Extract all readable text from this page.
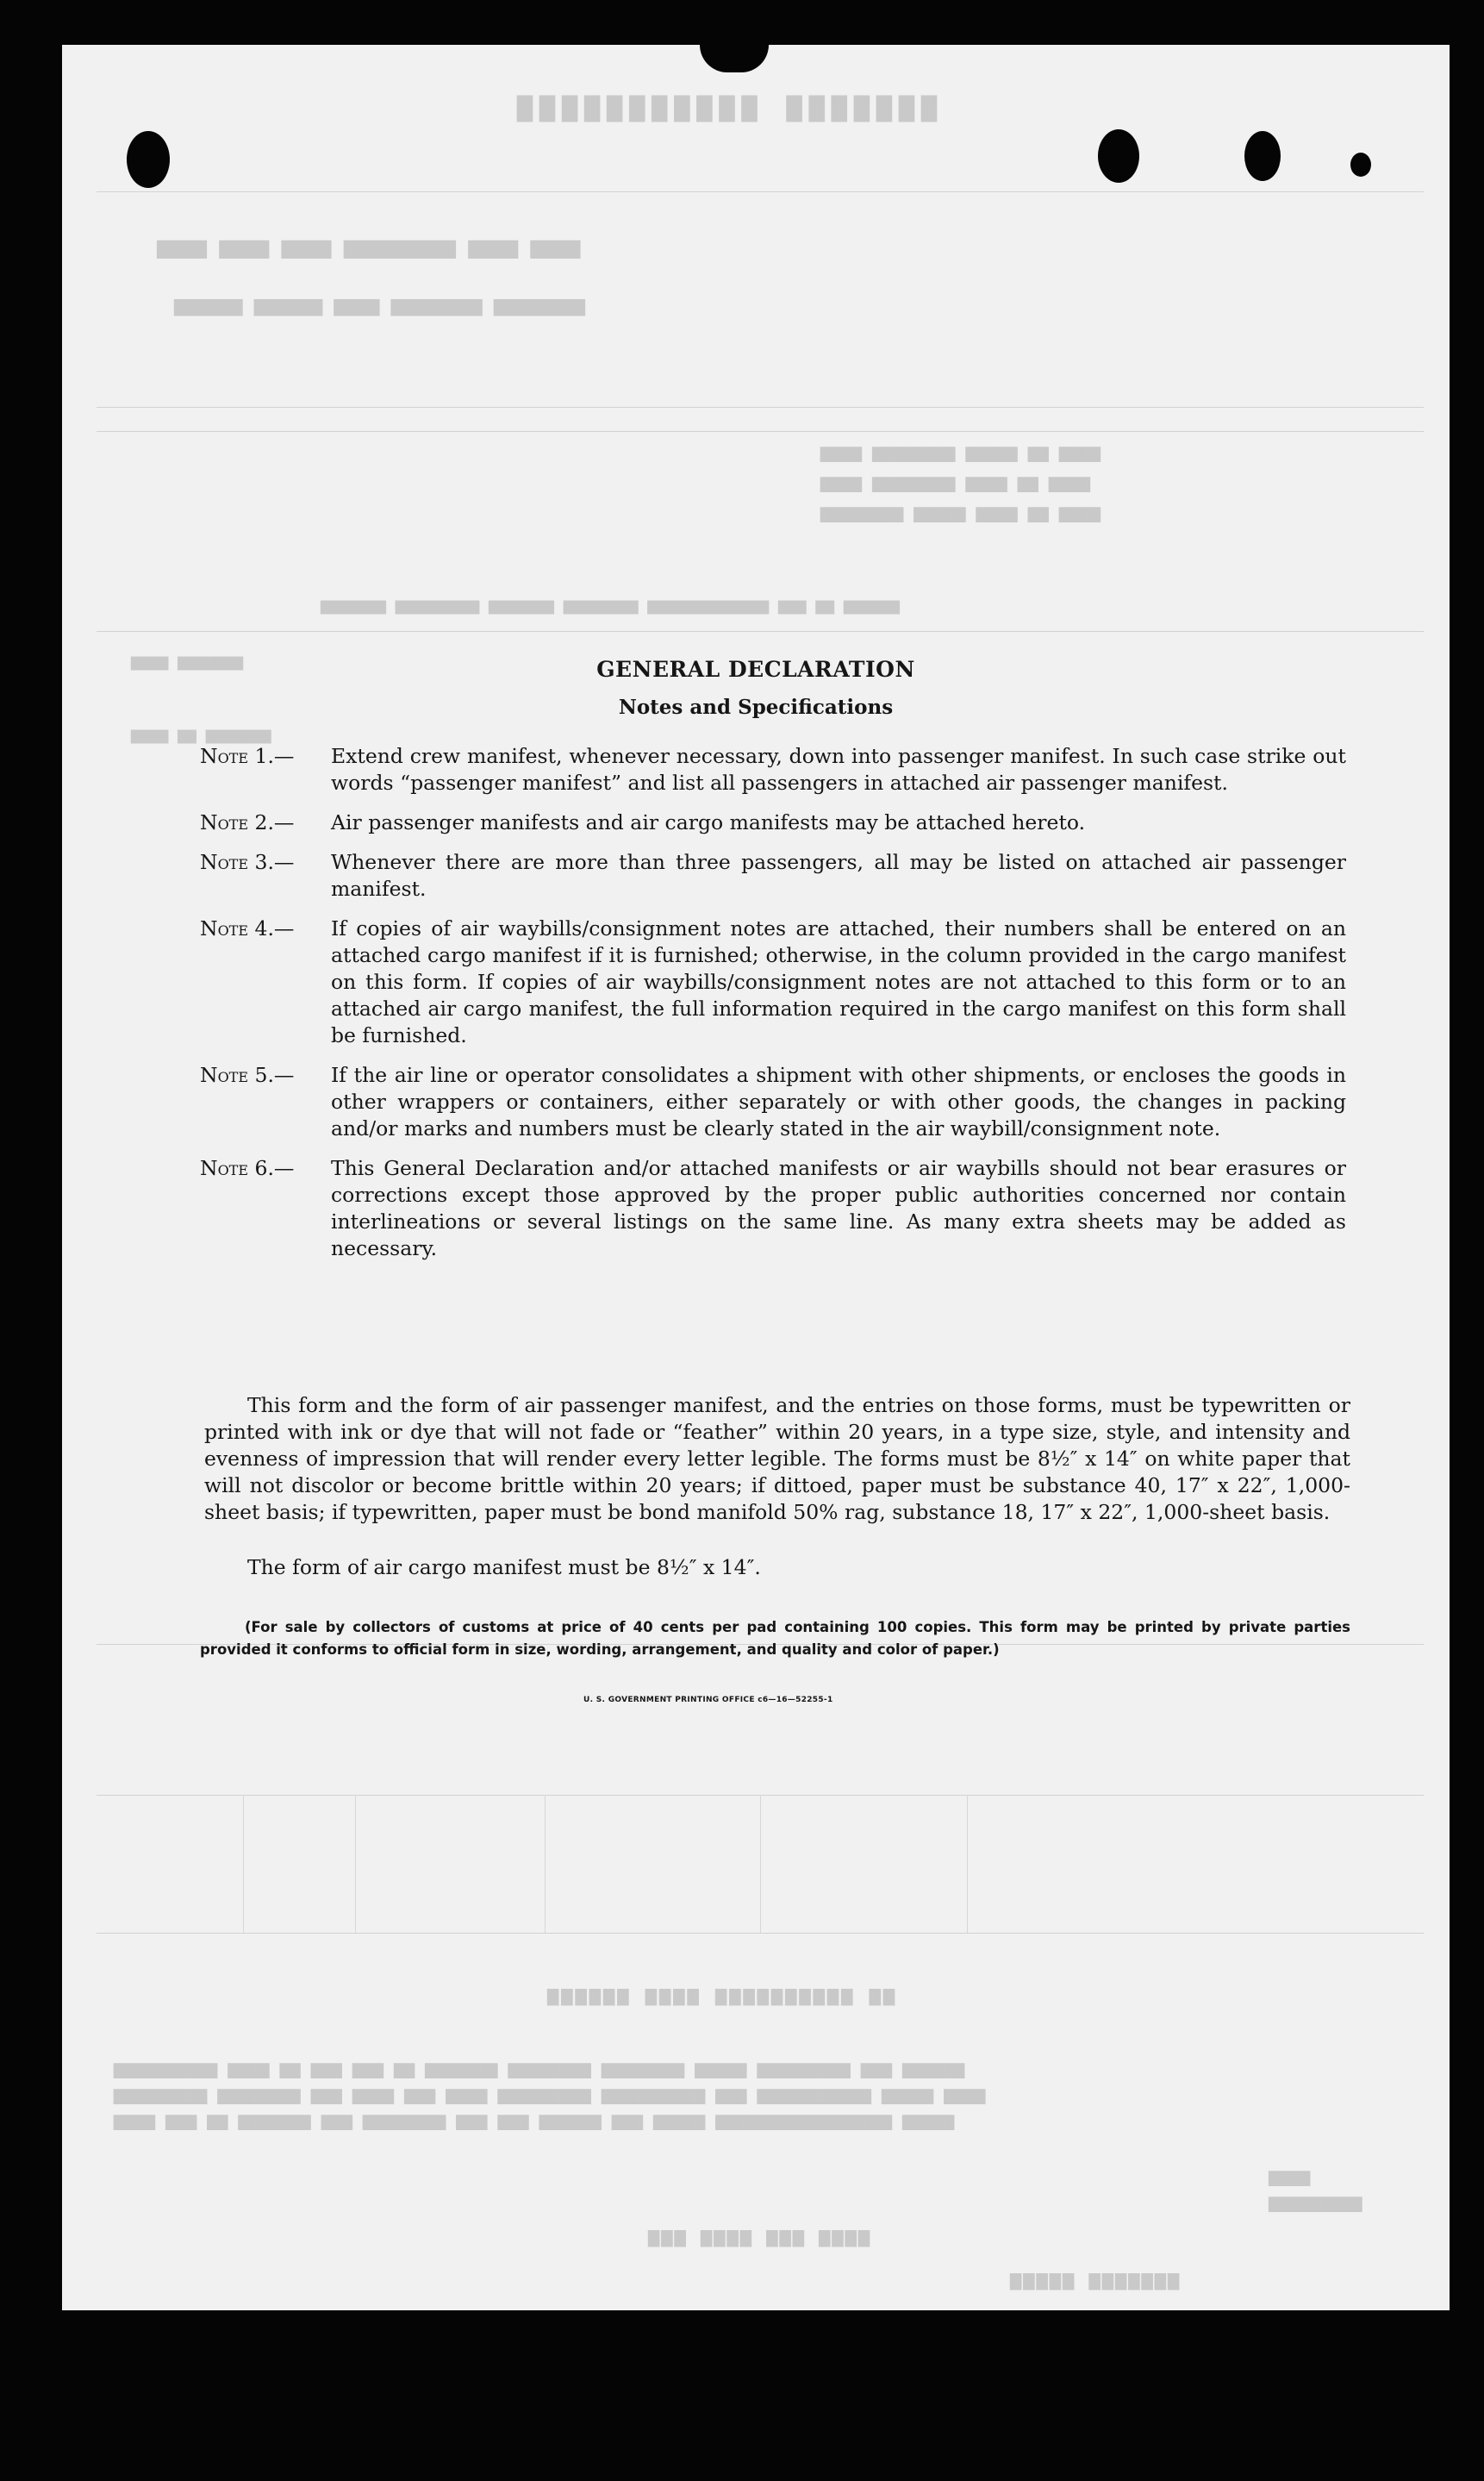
▇▇▇▇▇▇▇ ▇▇▇▇▇▇▇▇▇▇▇
▆▆▆▆ ▆▆▆▆ ▆▆▆▆▆▆▆▆▆ ▆▆▆▆ ▆▆▆▆ ▆▆▆▆
▆▆▆▆▆▆▆▆ ▆▆▆▆▆▆▆▆ ▆▆▆▆ ▆▆▆▆▆▆ ▆▆▆▆▆▆
▆▆▆▆ ▆▆ ▆▆▆▆▆ ▆▆▆▆▆▆▆▆ ▆▆▆▆
▆▆▆▆ ▆▆ ▆▆▆▆ ▆▆▆▆▆▆▆▆ ▆▆▆▆
▆▆▆▆ ▆▆ ▆▆▆▆ ▆▆▆▆▆ ▆▆▆▆▆▆▆▆
▆▆▆▆▆▆ ▆▆ ▆▆▆ ▆▆▆▆▆▆▆▆▆▆▆▆▆ ▆▆▆▆▆▆▆▆ ▆▆▆▆▆▆▆ ▆▆▆▆▆▆▆▆▆ ▆▆▆▆▆▆▆
▆▆▆▆ ▆▆▆▆▆▆▆
▆▆▆▆ ▆▆ ▆▆▆▆▆▆▆
▆▆ ▆▆▆▆▆▆▆▆▆▆ ▆▆▆▆ ▆▆▆▆▆▆
▆▆▆▆▆▆ ▆▆▆ ▆▆▆▆▆▆▆▆▆ ▆▆▆▆▆ ▆▆▆▆▆▆▆▆ ▆▆▆▆▆▆▆▆ ▆▆▆▆▆▆▆ ▆▆ ▆▆▆ ▆▆▆ ▆▆ ▆▆▆▆ ▆▆▆▆▆▆▆▆▆▆
▆▆▆▆ ▆▆▆▆▆ ▆▆▆▆▆▆▆▆▆▆▆ ▆▆▆ ▆▆▆▆▆▆▆▆▆▆ ▆▆▆▆▆▆▆▆▆ ▆▆▆▆ ▆▆▆ ▆▆▆▆ ▆▆▆ ▆▆▆▆▆▆▆▆ ▆▆▆▆▆▆▆▆▆
▆▆▆▆▆ ▆▆▆▆▆▆▆▆▆▆▆▆▆▆▆▆▆ ▆▆▆▆▆ ▆▆▆ ▆▆▆▆▆▆ ▆▆▆ ▆▆▆ ▆▆▆▆▆▆▆▆ ▆▆▆ ▆▆▆▆▆▆▆ ▆▆ ▆▆▆ ▆▆▆▆
▆▆▆▆
▆▆▆▆▆▆▆▆▆
▆▆▆ ▆▆▆▆ ▆▆▆ ▆▆▆▆
▆▆▆▆▆ ▆▆▆▆▆▆▆
GENERAL DECLARATION
Notes and Specifications
Note 1.—	Extend crew manifest, whenever necessary, down into passenger manifest. In such case strike out words “passenger manifest” and list all passengers in attached air passenger manifest.
Note 2.—	Air passenger manifests and air cargo manifests may be attached hereto.
Note 3.—	Whenever there are more than three passengers, all may be listed on attached air passenger manifest.
Note 4.—	If copies of air waybills/consignment notes are attached, their numbers shall be entered on an attached cargo manifest if it is furnished; otherwise, in the column provided in the cargo manifest on this form. If copies of air waybills/consignment notes are not attached to this form or to an attached air cargo manifest, the full information required in the cargo manifest on this form shall be furnished.
Note 5.—	If the air line or operator consolidates a shipment with other shipments, or encloses the goods in other wrappers or containers, either separately or with other goods, the changes in packing and/or marks and numbers must be clearly stated in the air waybill/consignment note.
Note 6.—	This General Declaration and/or attached manifests or air waybills should not bear erasures or corrections except those approved by the proper public authorities concerned nor contain interlineations or several listings on the same line. As many extra sheets may be added as necessary.
This form and the form of air passenger manifest, and the entries on those forms, must be typewritten or printed with ink or dye that will not fade or “feather” within 20 years, in a type size, style, and intensity and evenness of impression that will render every letter legible. The forms must be 8½″ x 14″ on white paper that will not discolor or become brittle within 20 years; if dittoed, paper must be substance 40, 17″ x 22″, 1,000-sheet basis; if typewritten, paper must be bond manifold 50% rag, substance 18, 17″ x 22″, 1,000-sheet basis.
The form of air cargo manifest must be 8½″ x 14″.
(For sale by collectors of customs at price of 40 cents per pad containing 100 copies. This form may be printed by private parties provided it conforms to official form in size, wording, arrangement, and quality and color of paper.)
U. S. GOVERNMENT PRINTING OFFICE c6—16—52255-1
